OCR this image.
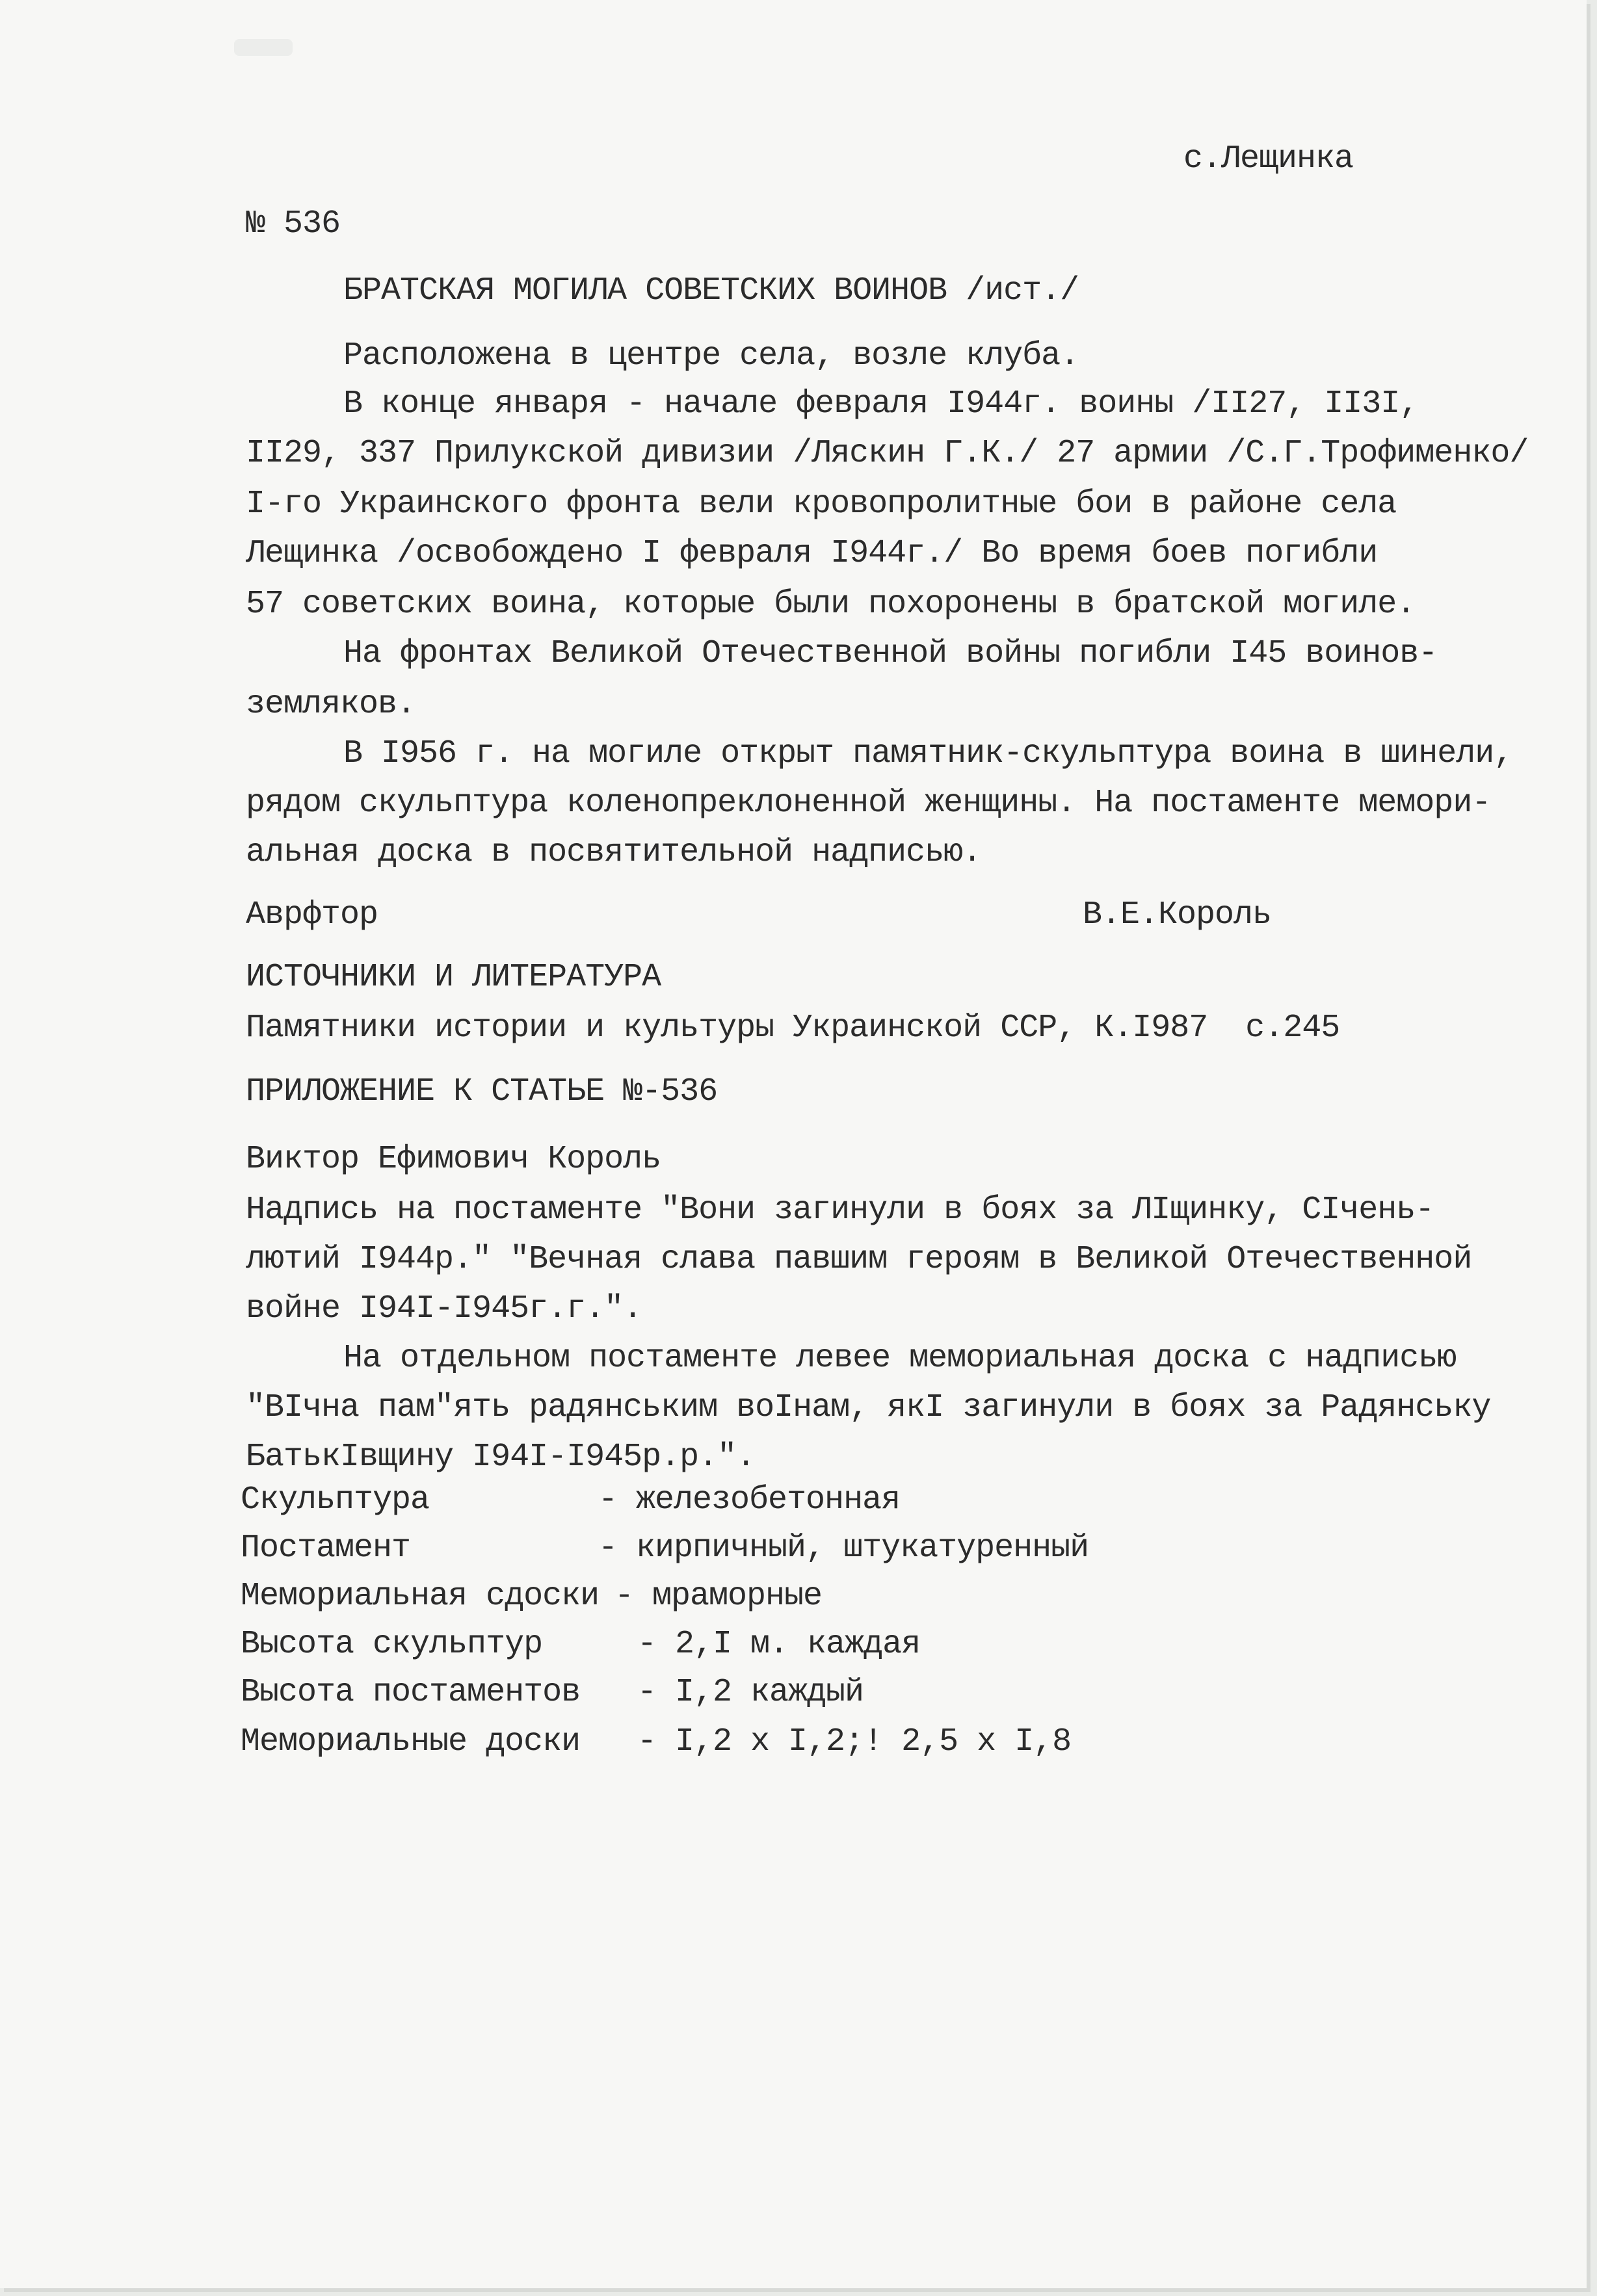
с.Лещинка
№ 536
БРАТСКАЯ МОГИЛА СОВЕТСКИХ ВОИНОВ /ист./
Расположена в центре села, возле клуба.
В конце января - начале февраля I944г. воины /II27, II3I,
II29, 337 Прилукской дивизии /Ляскин Г.К./ 27 армии /С.Г.Трофименко/
I-го Украинского фронта вели кровопролитные бои в районе села
Лещинка /освобождено I февраля I944г./ Во время боев погибли
57 советских воина, которые были похоронены в братской могиле.
На фронтах Великой Отечественной войны погибли I45 воинов-
земляков.
В I956 г. на могиле открыт памятник-скульптура воина в шинели,
рядом скульптура коленопреклоненной женщины. На постаменте мемори-
альная доска в посвятительной надписью.
Аврфтор	В.Е.Король
ИСТОЧНИКИ И ЛИТЕРАТУРА
Памятники истории и культуры Украинской ССР, К.I987  с.245
ПРИЛОЖЕНИЕ К СТАТЬЕ №-536
Виктор Ефимович Король
Надпись на постаменте "Вони загинули в боях за ЛІщинку, СІчень-
лютий I944р." "Вечная слава павшим героям в Великой Отечественной
войне I94I-I945г.г.".
На отдельном постаменте левее мемориальная доска с надписью
"ВІчна пам"ять радянським воІнам, якІ загинули в боях за Радянську
БатькІвщину I94I-I945р.р.".
Скульптура	- железобетонная
Постамент	- кирпичный, штукатуренный
Мемориальная сдоски - мраморные
Высота скульптур	- 2,I м. каждая
Высота постаментов - I,2 каждый
Мемориальные доски - I,2 x I,2;! 2,5 x I,8
